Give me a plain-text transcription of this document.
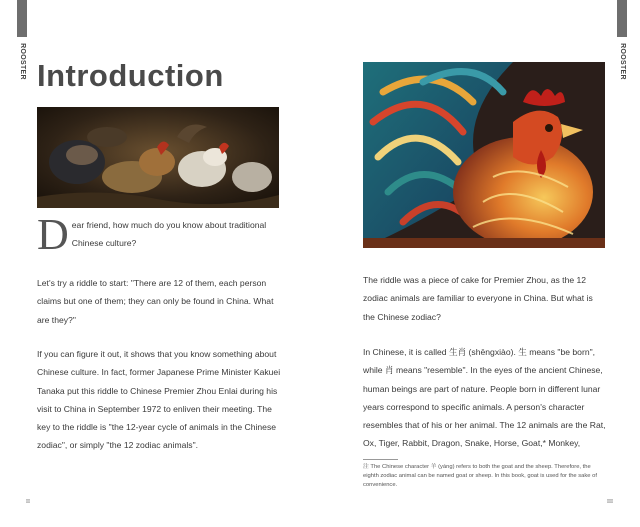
ROOSTER Introduction
D ear friend, how much do you know about traditional Chinese culture?

Let's try a riddle to start: "There are 12 of them, each person claims but one of them; they can only be found in China. What are they?"

If you can figure it out, it shows that you know something about Chinese culture. In fact, former Japanese Prime Minister Kakuei Tanaka put this riddle to Chinese Premier Zhou Enlai during his visit to China in September 1972 to enliven their meeting. The key to the riddle is "the 12-year cycle of animals in the Chinese zodiac", or simply "the 12 zodiac animals".

II
ROOSTER

The riddle was a piece of cake for Premier Zhou, as the 12 zodiac animals are familiar to everyone in China. But what is the Chinese zodiac?

In Chinese, it is called 生肖 (shēngxiào). 生 means "be born", while 肖 means "resemble". In the eyes of the ancient Chinese, human beings are part of nature. People born in different lunar years correspond to specific animals. A person's character resembles that of his or her animal. The 12 animals are the Rat, Ox, Tiger, Rabbit, Dragon, Snake, Horse, Goat,* Monkey,

注 The Chinese character 羊 (yáng) refers to both the goat and the sheep. Therefore, the eighth zodiac animal can be named goat or sheep. In this book, goat is used for the sake of convenience.

III
